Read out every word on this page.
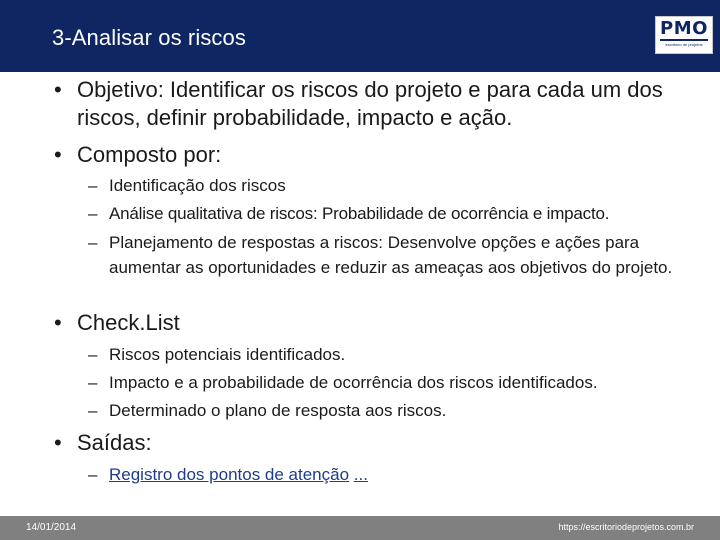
3-Analisar os riscos	PMO
escritório de projetos
• Objetivo: Identificar os riscos do projeto e para cada um dos riscos, definir probabilidade, impacto e ação.

• Composto por:

– Identificação dos riscos

– Análise qualitativa de riscos: Probabilidade de ocorrência e impacto.

– Planejamento de respostas a riscos: Desenvolve opções e ações para aumentar as oportunidades e reduzir as ameaças aos objetivos do projeto.

• Check.List

– Riscos potenciais identificados.

– Impacto e a probabilidade de ocorrência dos riscos identificados.

– Determinado o plano de resposta aos riscos.

• Saídas:

– Registro dos pontos de atenção ...

14/01/2014	https://escritoriodeprojetos.com.br
